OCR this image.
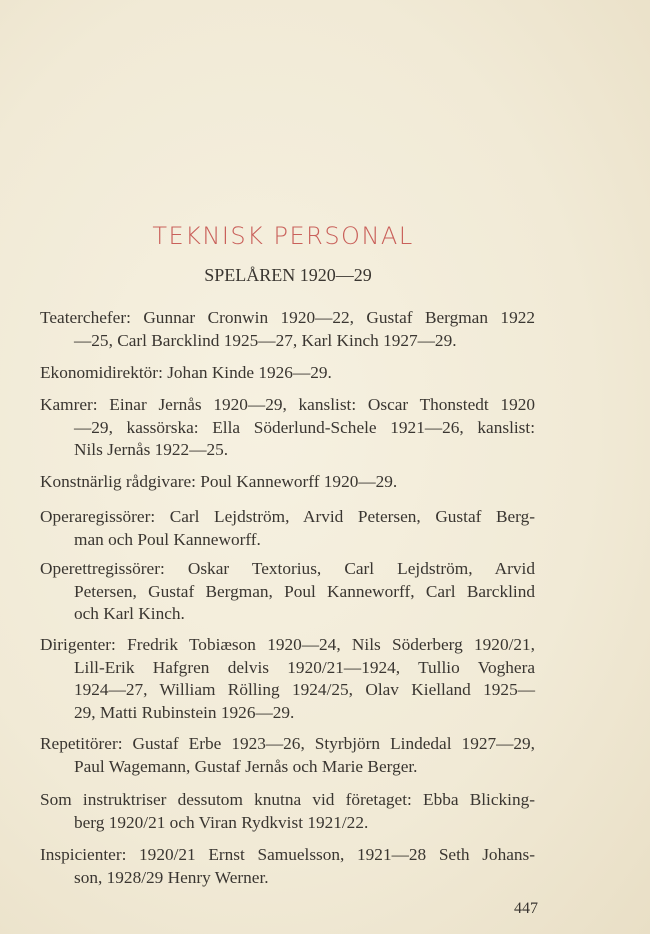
TEKNISK PERSONAL
SPELÅREN 1920—29
Teaterchefer: Gunnar Cronwin 1920—22, Gustaf Bergman 1922
—25, Carl Barcklind 1925—27, Karl Kinch 1927—29.
Ekonomidirektör: Johan Kinde 1926—29.
Kamrer: Einar Jernås 1920—29, kanslist: Oscar Thonstedt 1920
—29, kassörska: Ella Söderlund-Schele 1921—26, kanslist:
Nils Jernås 1922—25.
Konstnärlig rådgivare: Poul Kanneworff 1920—29.
Operaregissörer: Carl Lejdström, Arvid Petersen, Gustaf Berg-
man och Poul Kanneworff.
Operettregissörer: Oskar Textorius, Carl Lejdström, Arvid
Petersen, Gustaf Bergman, Poul Kanneworff, Carl Barcklind
och Karl Kinch.
Dirigenter: Fredrik Tobiæson 1920—24, Nils Söderberg 1920/21,
Lill-Erik Hafgren delvis 1920/21—1924, Tullio Voghera
1924—27, William Rölling 1924/25, Olav Kielland 1925—
29, Matti Rubinstein 1926—29.
Repetitörer: Gustaf Erbe 1923—26, Styrbjörn Lindedal 1927—29,
Paul Wagemann, Gustaf Jernås och Marie Berger.
Som instruktriser dessutom knutna vid företaget: Ebba Blicking-
berg 1920/21 och Viran Rydkvist 1921/22.
Inspicienter: 1920/21 Ernst Samuelsson, 1921—28 Seth Johans-
son, 1928/29 Henry Werner.
447
